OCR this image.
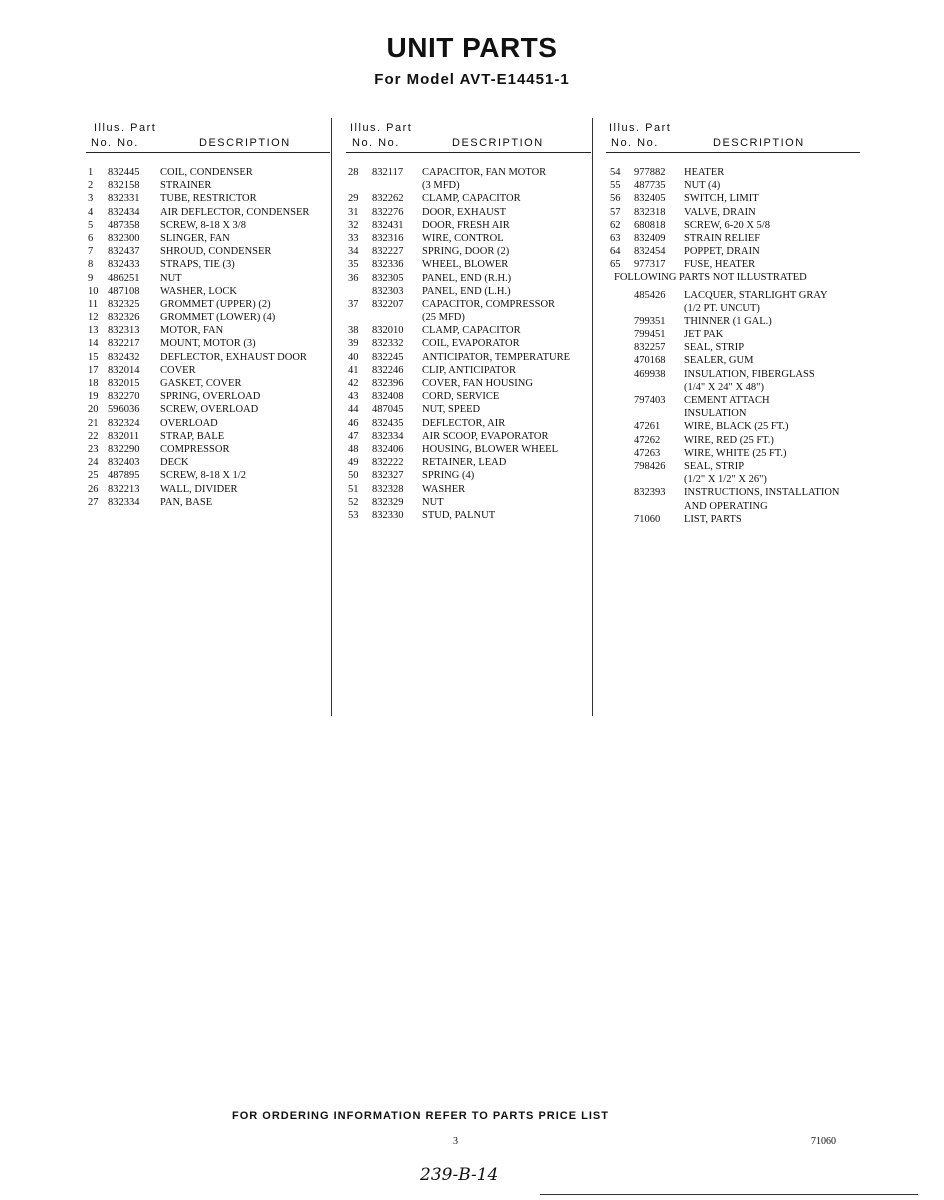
UNIT PARTS
For Model AVT-E14451-1
Illus. Part
No. No.	DESCRIPTION
1 832445 COIL, CONDENSER
2 832158 STRAINER
3 832331 TUBE, RESTRICTOR
4 832434 AIR DEFLECTOR, CONDENSER
5 487358 SCREW, 8-18 X 3/8
6 832300 SLINGER, FAN
7 832437 SHROUD, CONDENSER
8 832433 STRAPS, TIE (3)
9 486251 NUT
10 487108 WASHER, LOCK
11 832325 GROMMET (UPPER) (2)
12 832326 GROMMET (LOWER) (4)
13 832313 MOTOR, FAN
14 832217 MOUNT, MOTOR (3)
15 832432 DEFLECTOR, EXHAUST DOOR
17 832014 COVER
18 832015 GASKET, COVER
19 832270 SPRING, OVERLOAD
20 596036 SCREW, OVERLOAD
21 832324 OVERLOAD
22 832011 STRAP, BALE
23 832290 COMPRESSOR
24 832403 DECK
25 487895 SCREW, 8-18 X 1/2
26 832213 WALL, DIVIDER
27 832334 PAN, BASE
Illus. Part
No. No.	DESCRIPTION
28 832117 CAPACITOR, FAN MOTOR
(3 MFD)
29 832262 CLAMP, CAPACITOR
31 832276 DOOR, EXHAUST
32 832431 DOOR, FRESH AIR
33 832316 WIRE, CONTROL
34 832227 SPRING, DOOR (2)
35 832336 WHEEL, BLOWER
36 832305 PANEL, END (R.H.)
832303 PANEL, END (L.H.)
37 832207 CAPACITOR, COMPRESSOR
(25 MFD)
38 832010 CLAMP, CAPACITOR
39 832332 COIL, EVAPORATOR
40 832245 ANTICIPATOR, TEMPERATURE
41 832246 CLIP, ANTICIPATOR
42 832396 COVER, FAN HOUSING
43 832408 CORD, SERVICE
44 487045 NUT, SPEED
46 832435 DEFLECTOR, AIR
47 832334 AIR SCOOP, EVAPORATOR
48 832406 HOUSING, BLOWER WHEEL
49 832222 RETAINER, LEAD
50 832327 SPRING (4)
51 832328 WASHER
52 832329 NUT
53 832330 STUD, PALNUT
Illus. Part
No. No.	DESCRIPTION
54 977882 HEATER
55 487735 NUT (4)
56 832405 SWITCH, LIMIT
57 832318 VALVE, DRAIN
62 680818 SCREW, 6-20 X 5/8
63 832409 STRAIN RELIEF
64 832454 POPPET, DRAIN
65 977317 FUSE, HEATER
FOLLOWING PARTS NOT ILLUSTRATED
485426 LACQUER, STARLIGHT GRAY
(1/2 PT. UNCUT)
799351 THINNER (1 GAL.)
799451 JET PAK
832257 SEAL, STRIP
470168 SEALER, GUM
469938 INSULATION, FIBERGLASS
(1/4" X 24" X 48")
797403 CEMENT ATTACH
INSULATION
47261 WIRE, BLACK (25 FT.)
47262 WIRE, RED (25 FT.)
47263 WIRE, WHITE (25 FT.)
798426 SEAL, STRIP
(1/2" X 1/2" X 26")
832393 INSTRUCTIONS, INSTALLATION
AND OPERATING
71060 LIST, PARTS
FOR ORDERING INFORMATION REFER TO PARTS PRICE LIST
3	71060
239-B-14
